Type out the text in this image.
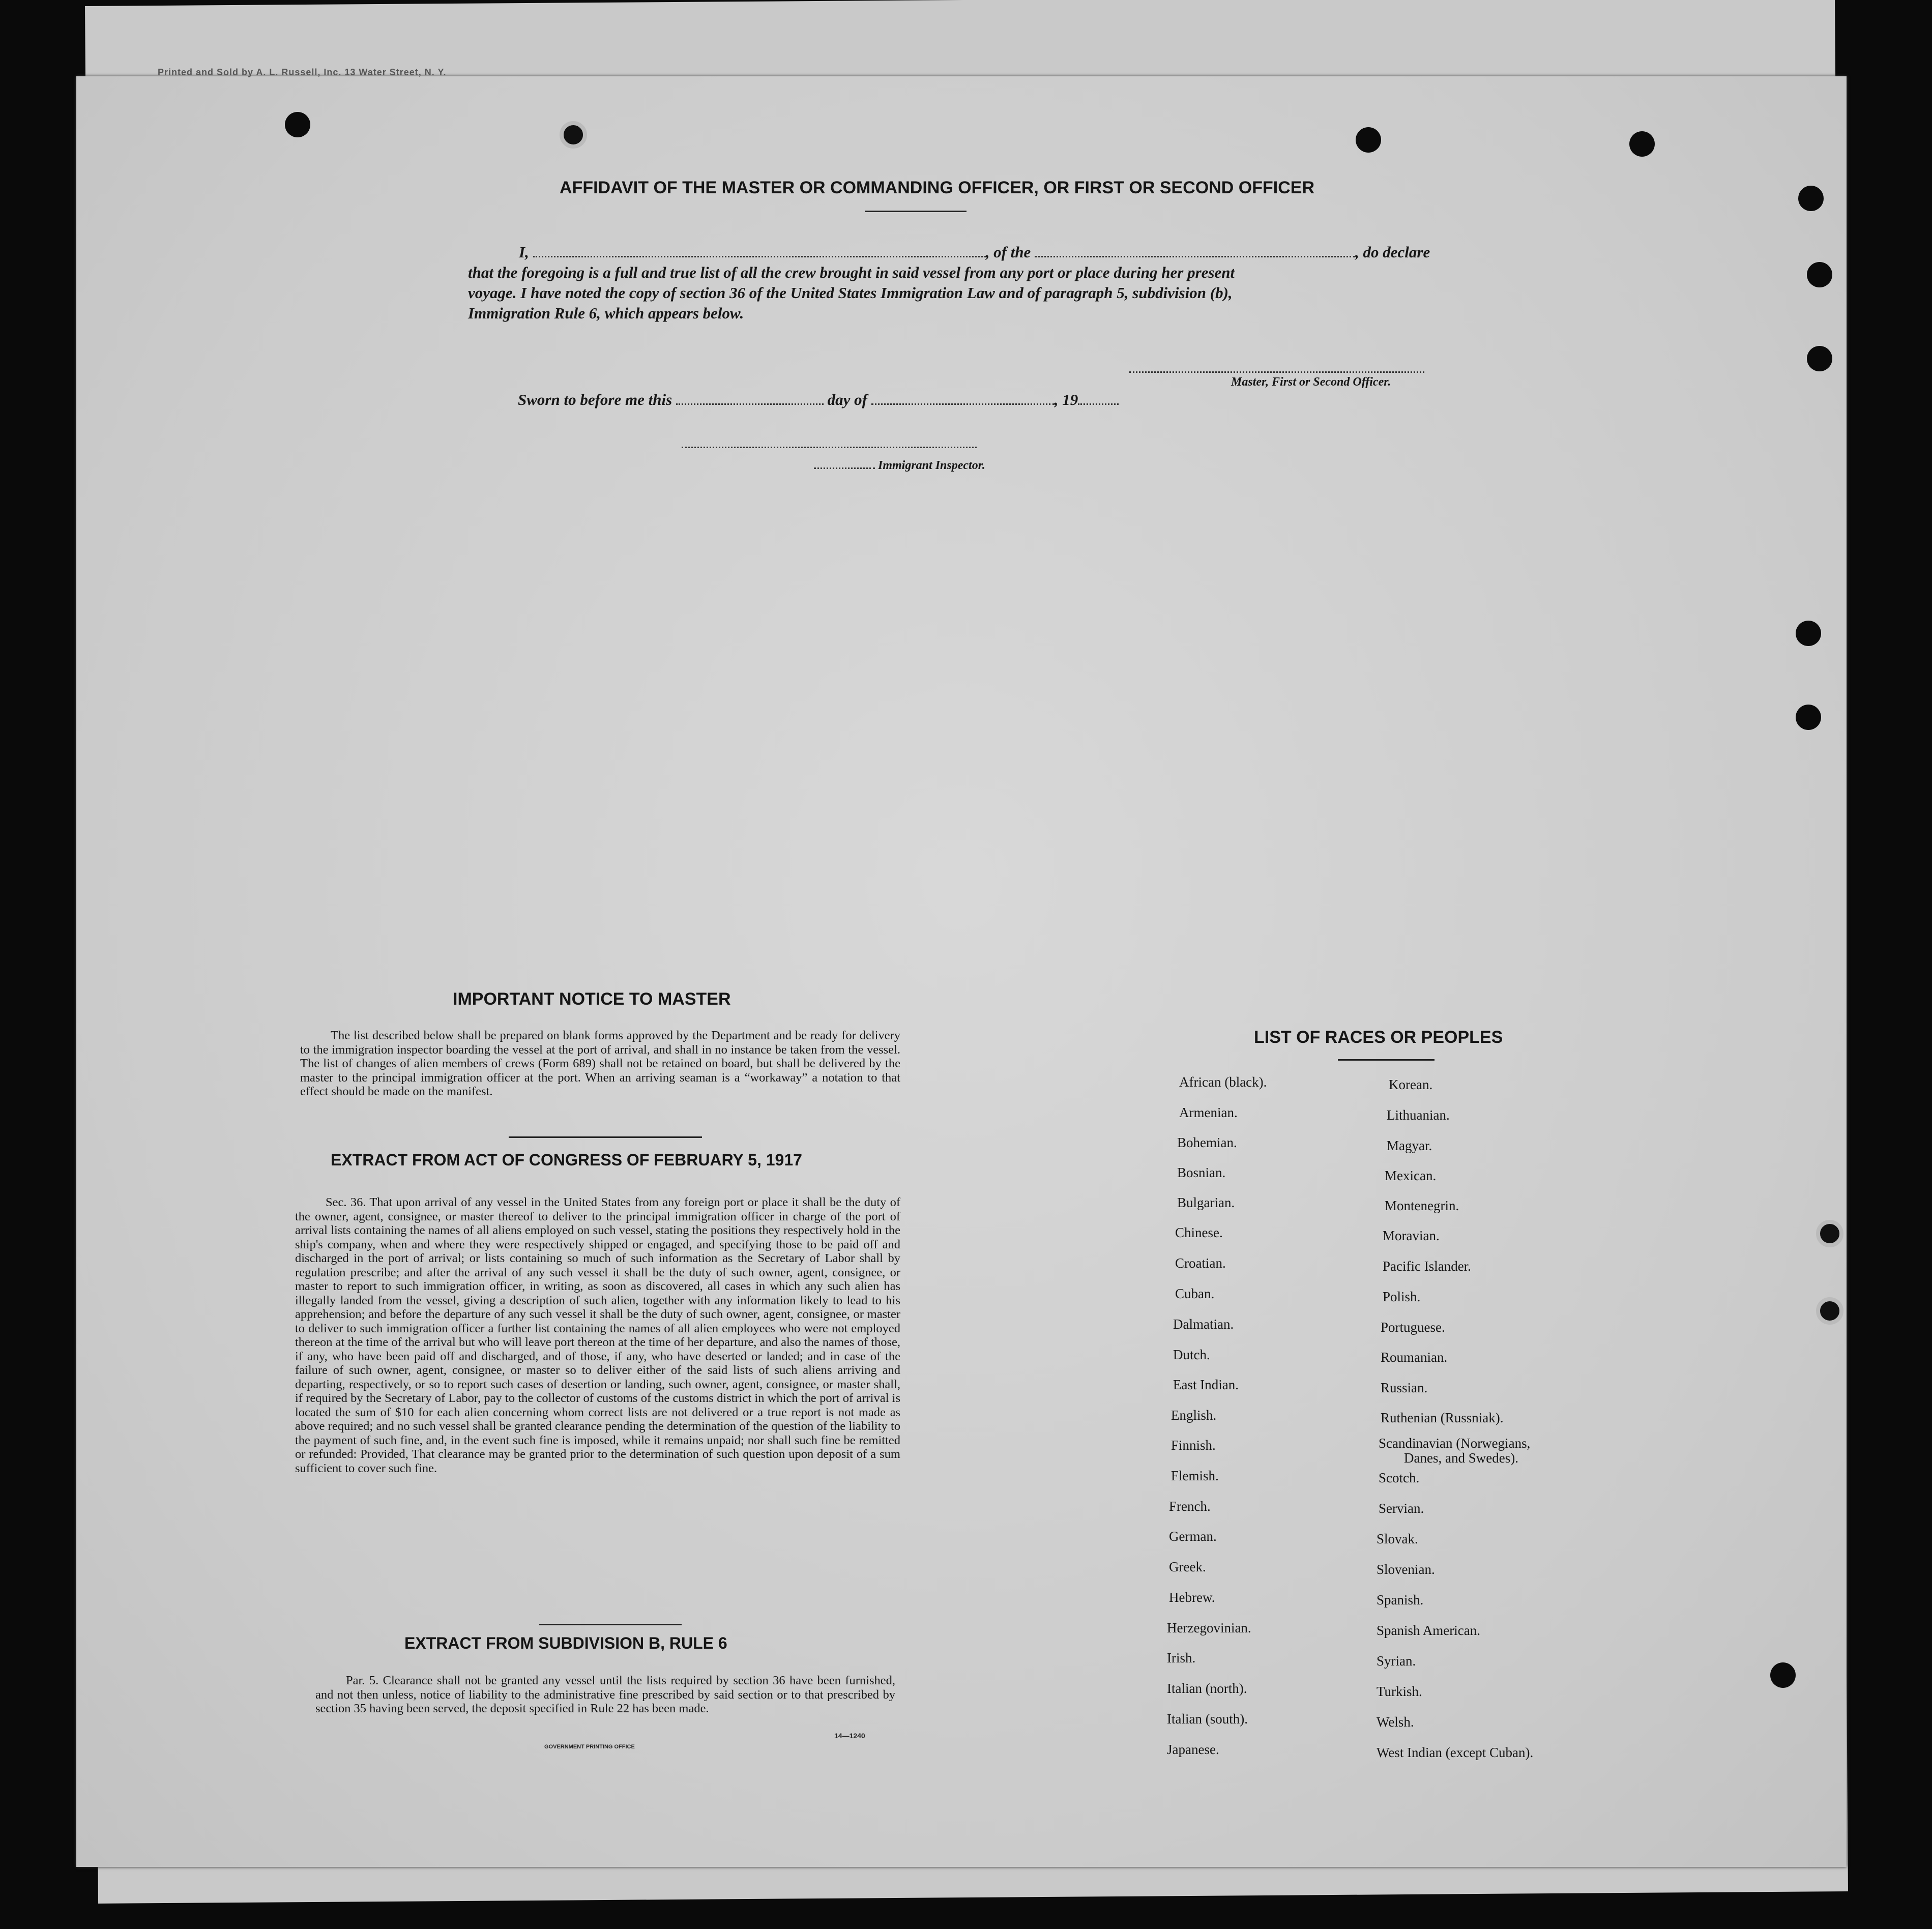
Printed and Sold by A. L. Russell, Inc. 13 Water Street, N. Y.
AFFIDAVIT OF THE MASTER OR COMMANDING OFFICER, OR FIRST OR SECOND OFFICER
I,	, of the	, do declare
that the foregoing is a full and true list of all the crew brought in said vessel from any port or place during her present
voyage. I have noted the copy of section 36 of the United States Immigration Law and of paragraph 5, subdivision (b),
Immigration Rule 6, which appears below.
Master, First or Second Officer.
Sworn to before me this	day of	, 19
Immigrant Inspector.
IMPORTANT NOTICE TO MASTER

The list described below shall be prepared on blank forms approved by the Department and be ready for delivery to the immigration inspector boarding the vessel at the port of arrival, and shall in no instance be taken from the vessel. The list of changes of alien members of crews (Form 689) shall not be retained on board, but shall be delivered by the master to the principal immigration officer at the port. When an arriving seaman is a “workaway” a notation to that effect should be made on the manifest.

EXTRACT FROM ACT OF CONGRESS OF FEBRUARY 5, 1917

Sec. 36. That upon arrival of any vessel in the United States from any foreign port or place it shall be the duty of the owner, agent, consignee, or master thereof to deliver to the principal immigration officer in charge of the port of arrival lists containing the names of all aliens employed on such vessel, stating the positions they respectively hold in the ship's company, when and where they were respectively shipped or engaged, and specifying those to be paid off and discharged in the port of arrival; or lists containing so much of such information as the Secretary of Labor shall by regulation prescribe; and after the arrival of any such vessel it shall be the duty of such owner, agent, consignee, or master to report to such immigration officer, in writing, as soon as discovered, all cases in which any such alien has illegally landed from the vessel, giving a description of such alien, together with any information likely to lead to his apprehension; and before the departure of any such vessel it shall be the duty of such owner, agent, consignee, or master to deliver to such immigration officer a further list containing the names of all alien employees who were not employed thereon at the time of the arrival but who will leave port thereon at the time of her departure, and also the names of those, if any, who have been paid off and discharged, and of those, if any, who have deserted or landed; and in case of the failure of such owner, agent, consignee, or master so to deliver either of the said lists of such aliens arriving and departing, respectively, or so to report such cases of desertion or landing, such owner, agent, consignee, or master shall, if required by the Secretary of Labor, pay to the collector of customs of the customs district in which the port of arrival is located the sum of $10 for each alien concerning whom correct lists are not delivered or a true report is not made as above required; and no such vessel shall be granted clearance pending the determination of the question of the liability to the payment of such fine, and, in the event such fine is imposed, while it remains unpaid; nor shall such fine be remitted or refunded: Provided, That clearance may be granted prior to the determination of such question upon deposit of a sum sufficient to cover such fine.

EXTRACT FROM SUBDIVISION B, RULE 6

Par. 5. Clearance shall not be granted any vessel until the lists required by section 36 have been furnished, and not then unless, notice of liability to the administrative fine prescribed by said section or to that prescribed by section 35 having been served, the deposit specified in Rule 22 has been made.

GOVERNMENT PRINTING OFFICE
14—1240
LIST OF RACES OR PEOPLES
African (black).
Armenian.
Bohemian.
Bosnian.
Bulgarian.
Chinese.
Croatian.
Cuban.
Dalmatian.
Dutch.
East Indian.
English.
Finnish.
Flemish.
French.
German.
Greek.
Hebrew.
Herzegovinian.
Irish.
Italian (north).
Italian (south).
Japanese.
Korean.
Lithuanian.
Magyar.
Mexican.
Montenegrin.
Moravian.
Pacific Islander.
Polish.
Portuguese.
Roumanian.
Russian.
Ruthenian (Russniak).
Scandinavian (Norwegians,
Danes, and Swedes).
Scotch.
Servian.
Slovak.
Slovenian.
Spanish.
Spanish American.
Syrian.
Turkish.
Welsh.
West Indian (except Cuban).
